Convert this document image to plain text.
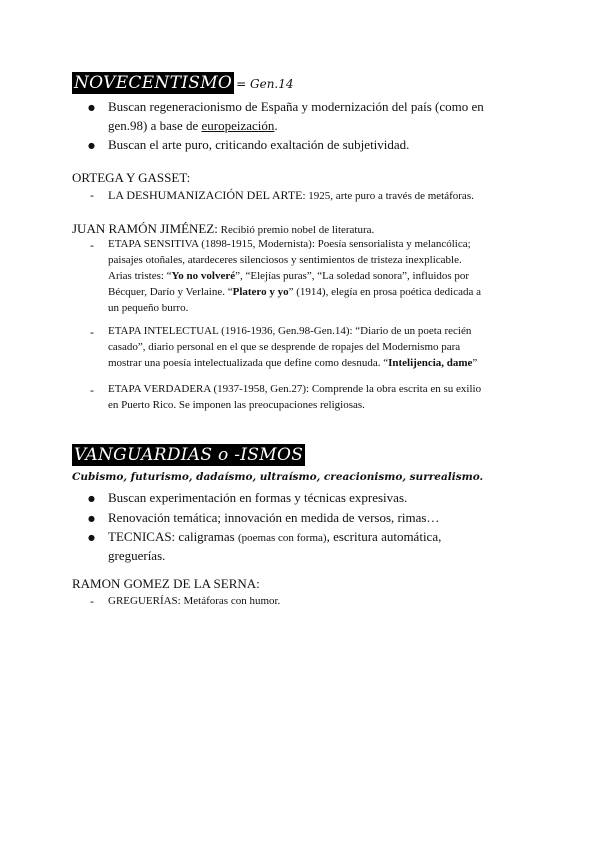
NOVECENTISMO = Gen.14
● Buscan regeneracionismo de España y modernización del país (como en
gen.98) a base de europeización.
● Buscan el arte puro, criticando exaltación de subjetividad.
ORTEGA Y GASSET:
- LA DESHUMANIZACIÓN DEL ARTE: 1925, arte puro a través de metáforas.
JUAN RAMÓN JIMÉNEZ: Recibió premio nobel de literatura.
- ETAPA SENSITIVA (1898-1915, Modernista): Poesía sensorialista y melancólica;
paisajes otoñales, atardeceres silenciosos y sentimientos de tristeza inexplicable.
Arias tristes: “Yo no volveré”, “Elejías puras”, “La soledad sonora”, influidos por
Bécquer, Darío y Verlaine. “Platero y yo” (1914), elegía en prosa poética dedicada a
un pequeño burro.
- ETAPA INTELECTUAL (1916-1936, Gen.98-Gen.14): “Diario de un poeta recién
casado”, diario personal en el que se desprende de ropajes del Modernismo para
mostrar una poesía intelectualizada que define como desnuda. “Intelijencia, dame”
- ETAPA VERDADERA (1937-1958, Gen.27): Comprende la obra escrita en su exilio
en Puerto Rico. Se imponen las preocupaciones religiosas.
VANGUARDIAS o -ISMOS
Cubismo, futurismo, dadaísmo, ultraísmo, creacionismo, surrealismo.
● Buscan experimentación en formas y técnicas expresivas.
● Renovación temática; innovación en medida de versos, rimas…
● TECNICAS: caligramas (poemas con forma), escritura automática,
greguerías.
RAMON GOMEZ DE LA SERNA:
- GREGUERÍAS: Metáforas con humor.
